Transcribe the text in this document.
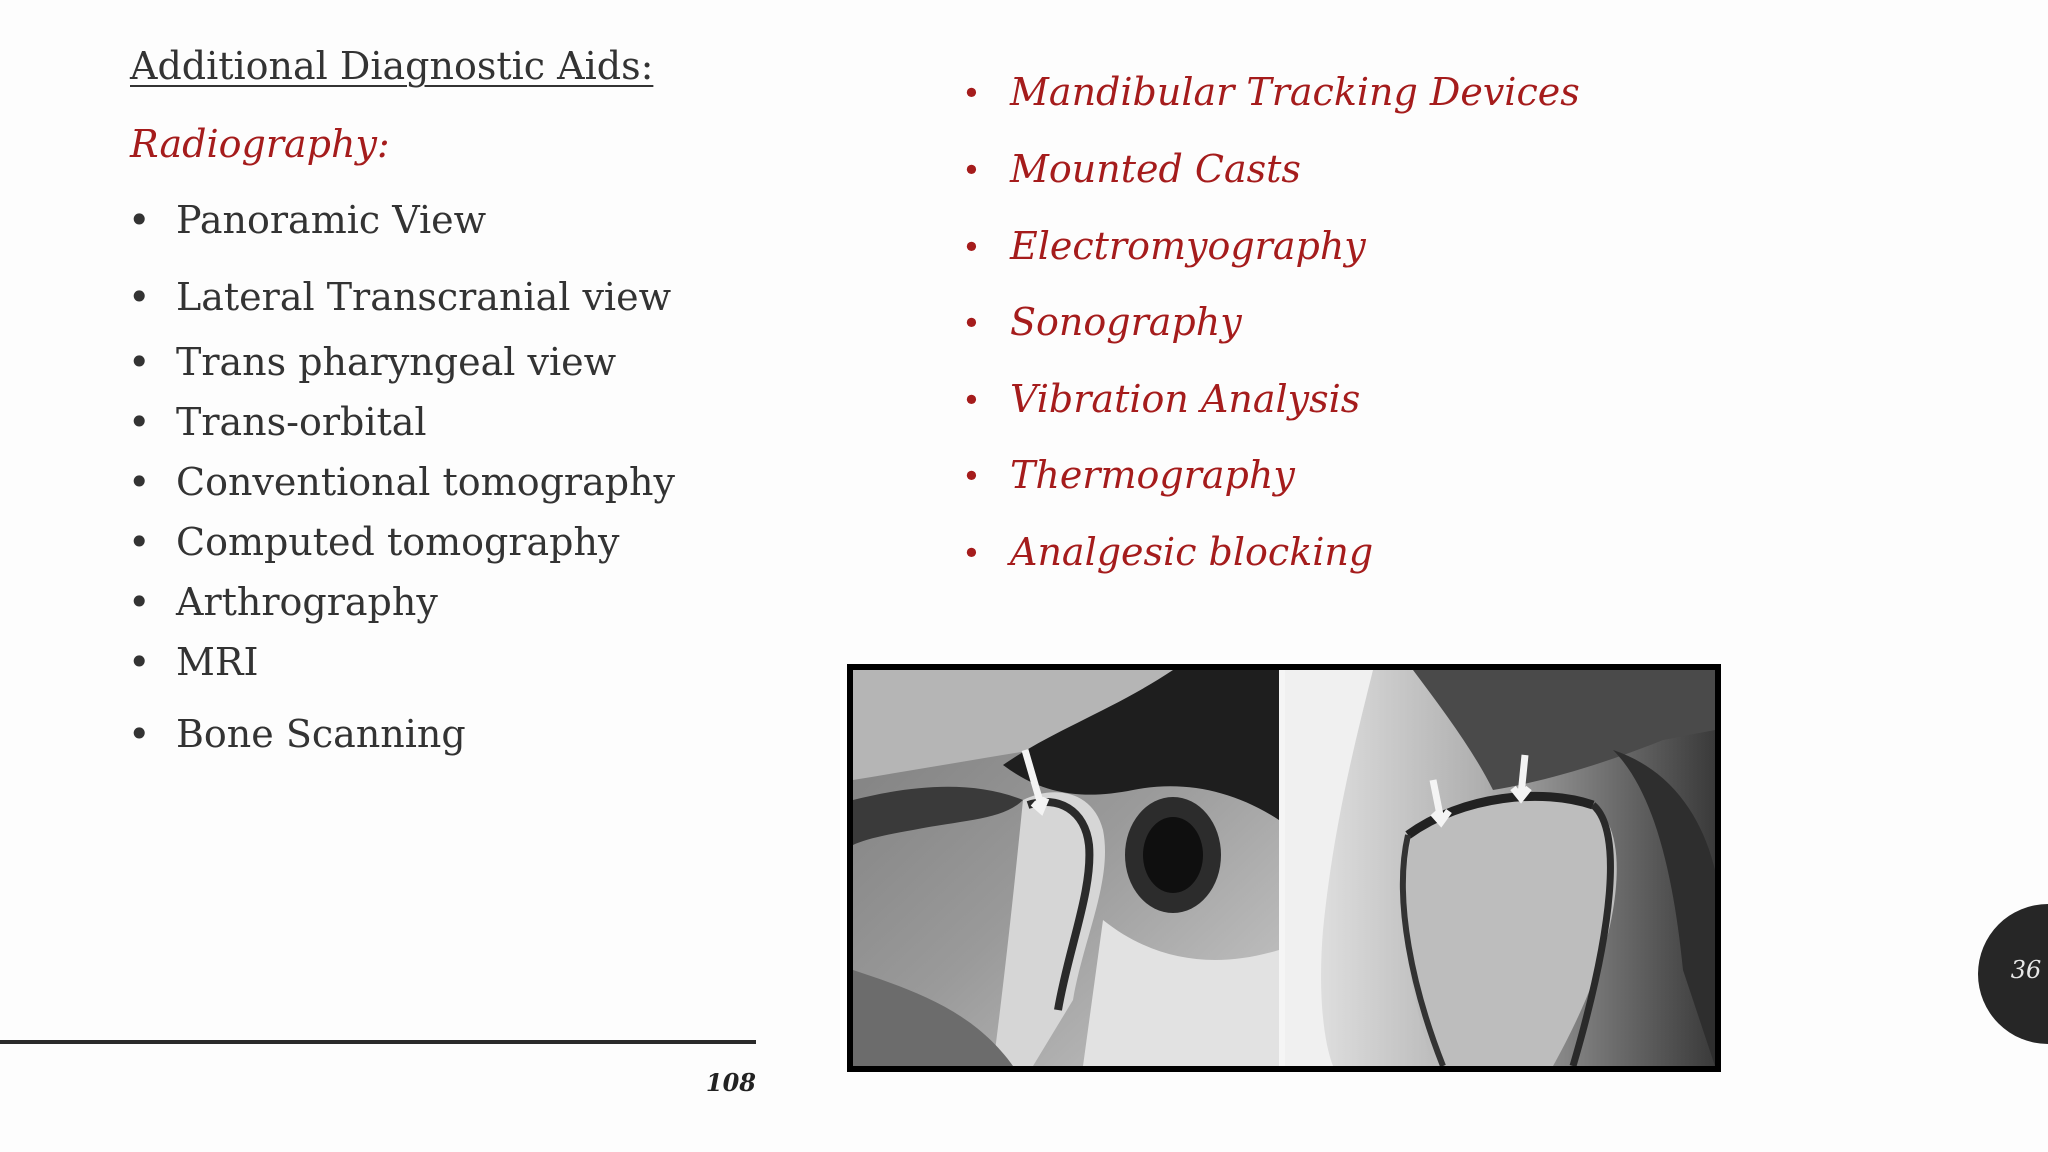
Additional Diagnostic Aids:
Radiography:
• Panoramic View
• Lateral Transcranial view
• Trans pharyngeal view
• Trans-orbital
• Conventional tomography
• Computed tomography
• Arthrography
• MRI
• Bone Scanning
• Mandibular Tracking Devices
• Mounted Casts
• Electromyography
• Sonography
• Vibration Analysis
• Thermography
• Analgesic blocking
108
36
